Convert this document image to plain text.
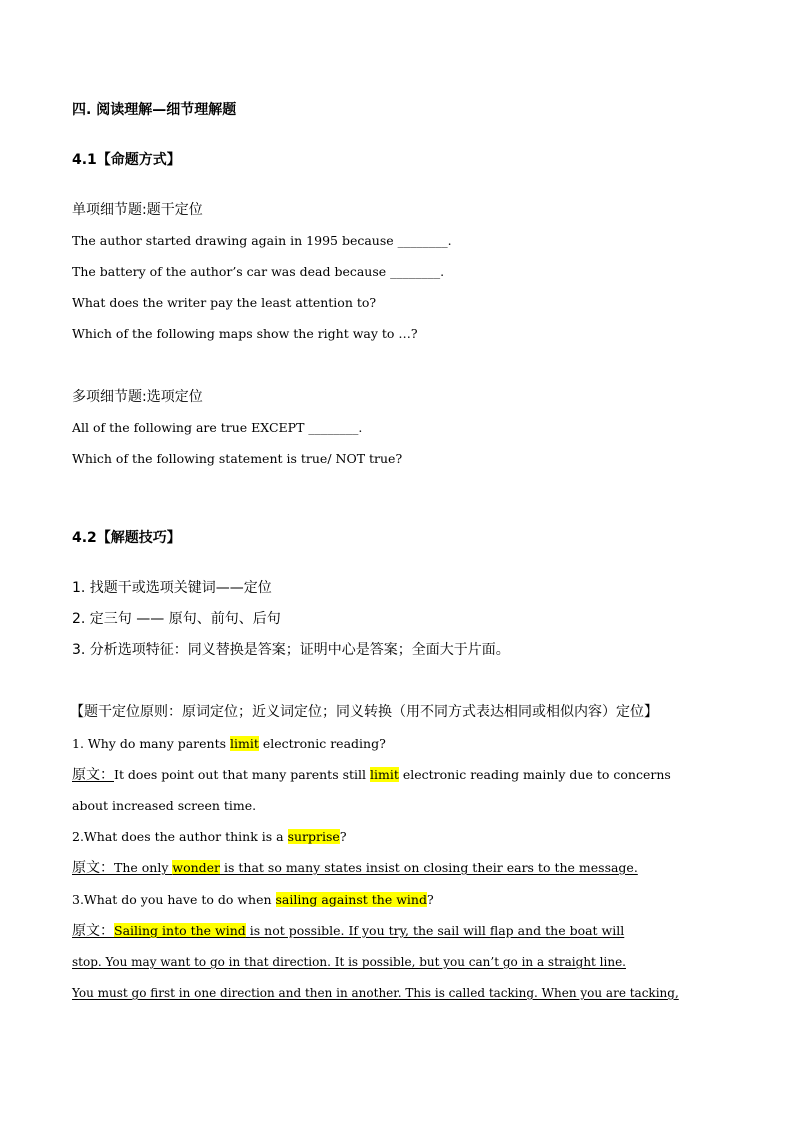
四. 阅读理解—细节理解题
4.1【命题方式】
单项细节题:题干定位
The author started drawing again in 1995 because ________.
The battery of the author’s car was dead because ________.
What does the writer pay the least attention to?
Which of the following maps show the right way to …?
多项细节题:选项定位
All of the following are true EXCEPT ________.
Which of the following statement is true/ NOT true?
4.2【解题技巧】
1. 找题干或选项关键词——定位
2. 定三句 —— 原句、前句、后句
3. 分析选项特征：同义替换是答案；证明中心是答案；全面大于片面。
【题干定位原则：原词定位；近义词定位；同义转换（用不同方式表达相同或相似内容）定位】
1. Why do many parents limit electronic reading?
原文：It does point out that many parents still limit electronic reading mainly due to concerns
about increased screen time.
2.What does the author think is a surprise?
原文：The only wonder is that so many states insist on closing their ears to the message.
3.What do you have to do when sailing against the wind?
原文：Sailing into the wind is not possible. If you try, the sail will flap and the boat will
stop. You may want to go in that direction. It is possible, but you can’t go in a straight line.
You must go first in one direction and then in another. This is called tacking. When you are tacking,
